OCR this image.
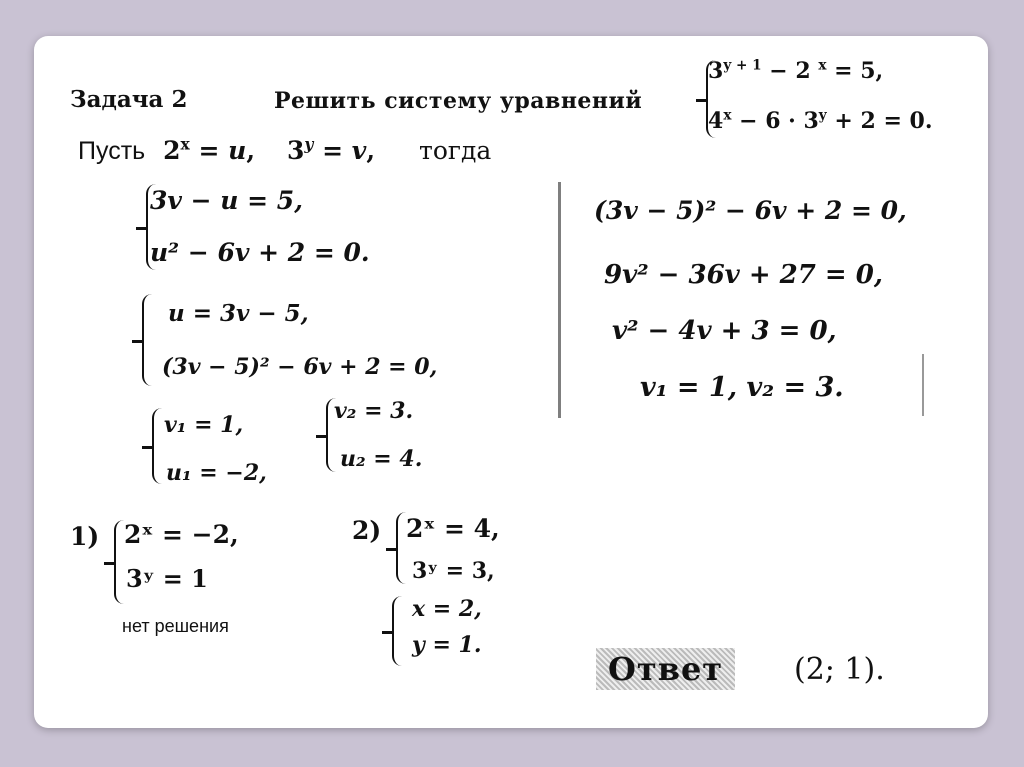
Задача 2	Решить систему уравнений
$3^{y + 1} - 2$ $^x$ = 5,
$4^x - 6 \cdot 3^y + 2 = 0$.
Пусть $2^x = u$, $3^y = v$, тогда
3v − u = 5,
u² − 6v + 2 = 0.
u = 3v − 5,
(3v − 5)² − 6v + 2 = 0,
(3v − 5)² − 6v + 2 = 0,
9v² − 36v + 27 = 0,
v² − 4v + 3 = 0,
v₁ = 1, v₂ = 3.
v₁ = 1,
u₁ = −2,
v₂ = 3.
u₂ = 4.
1) 2ˣ = −2,
3ʸ = 1
нет решения
2) 2ˣ = 4,
3ʸ = 3,
x = 2,
y = 1.
Ответ	(2; 1).
